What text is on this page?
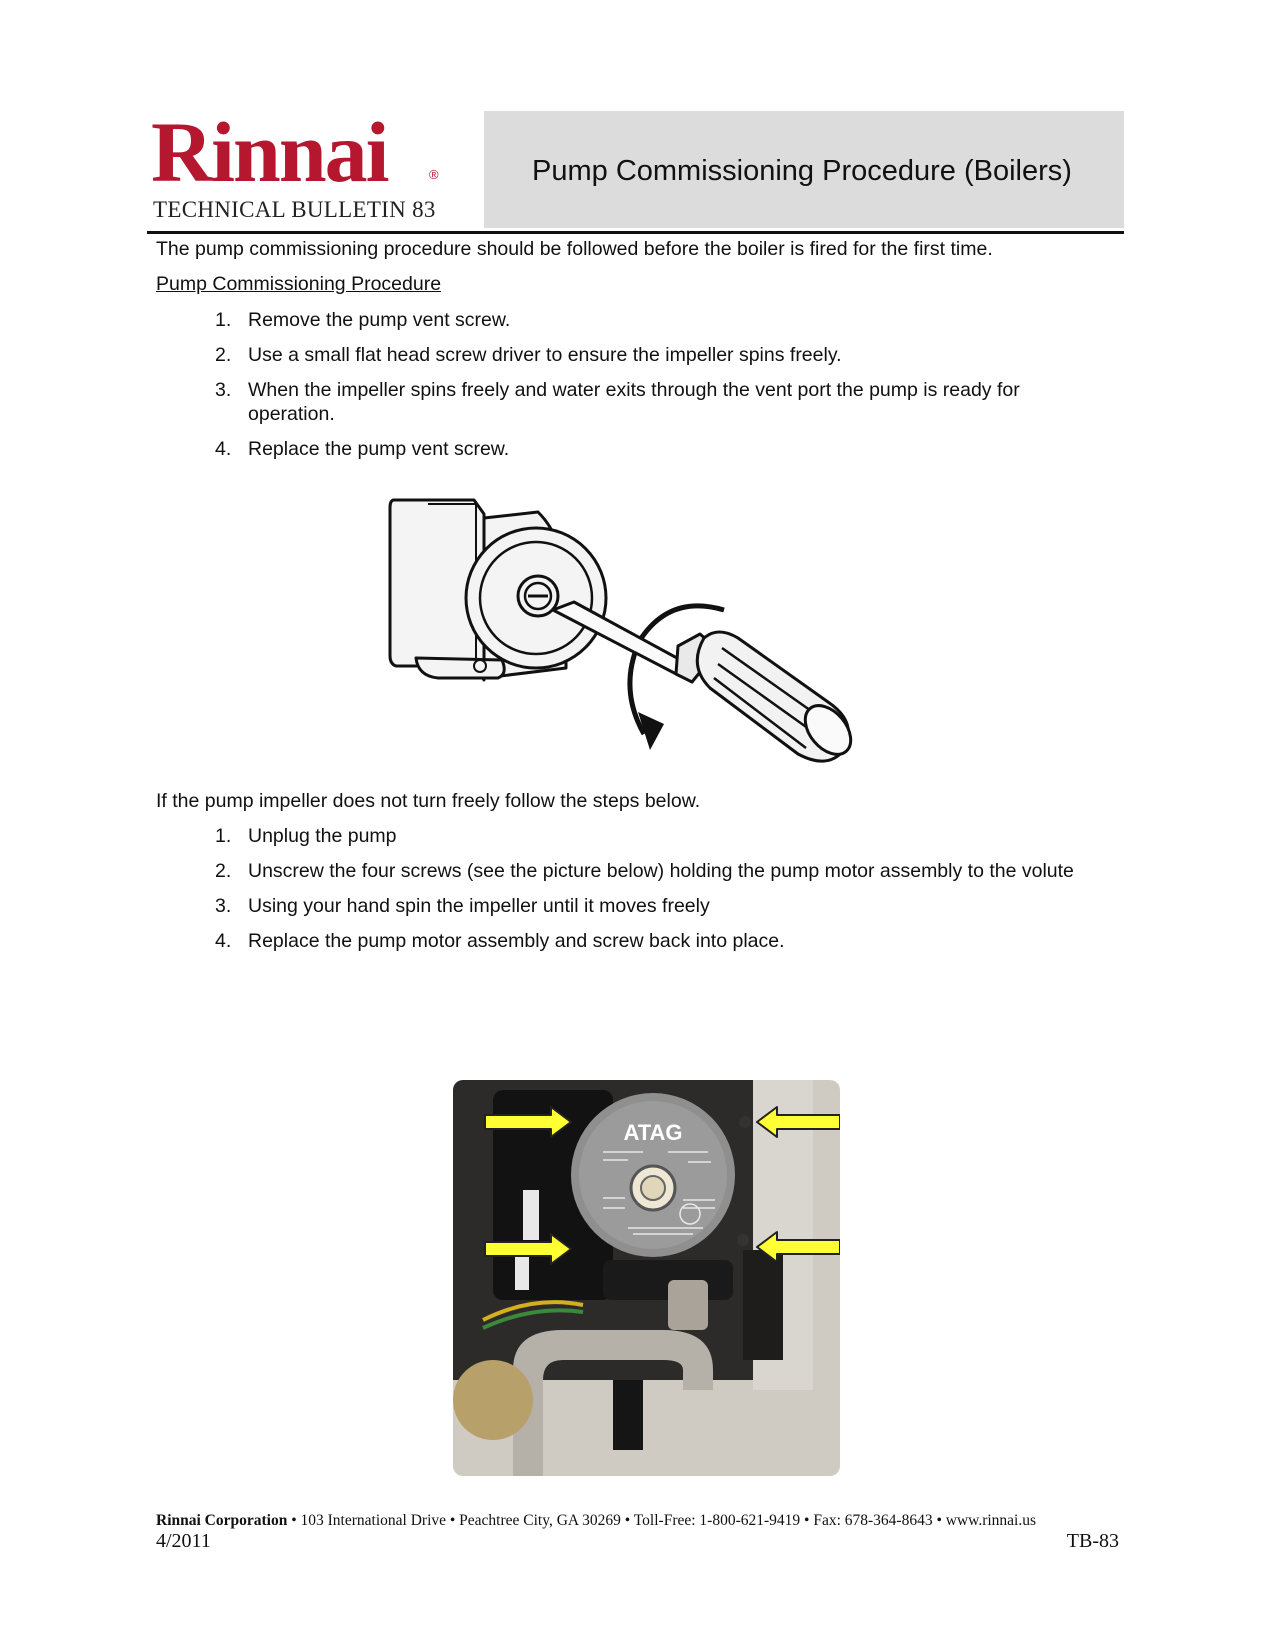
Rinnai	®
TECHNICAL BULLETIN 83
Pump Commissioning Procedure (Boilers)
The pump commissioning procedure should be followed before the boiler is fired for the first time.
Pump Commissioning Procedure
1. Remove the pump vent screw.
2. Use a small flat head screw driver to ensure the impeller spins freely.
3. When the impeller spins freely and water exits through the vent port the pump is ready for operation.
4. Replace the pump vent screw.
If the pump impeller does not turn freely follow the steps below.
1. Unplug the pump
2. Unscrew the four screws (see the picture below) holding the pump motor assembly to the volute
3. Using your hand spin the impeller until it moves freely
4. Replace the pump motor assembly and screw back into place.
ATAG
Rinnai Corporation • 103 International Drive • Peachtree City, GA 30269 • Toll-Free: 1-800-621-9419 • Fax: 678-364-8643 • www.rinnai.us
4/2011	TB-83
